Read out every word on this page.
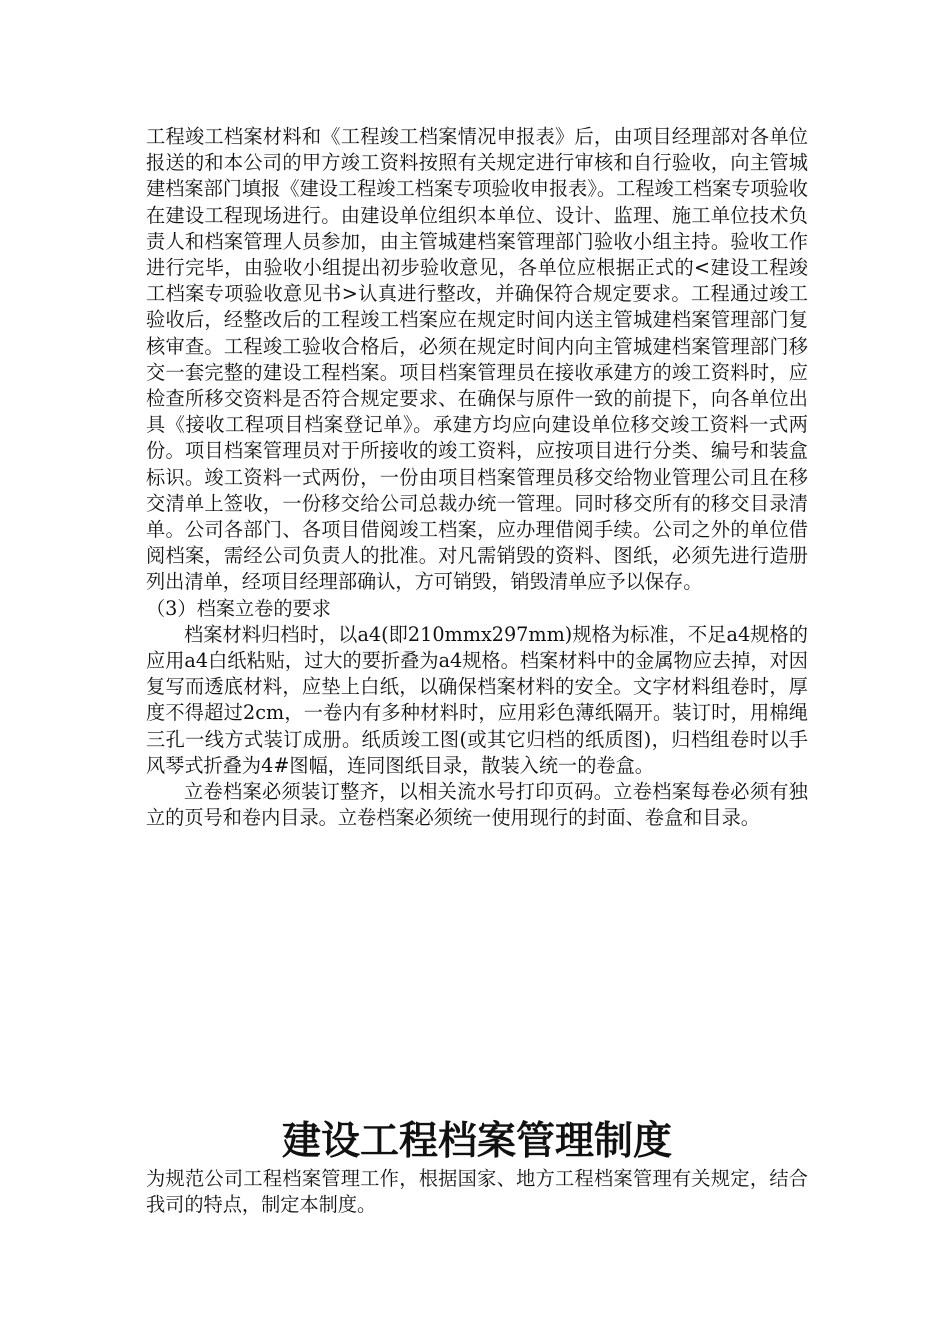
工程竣工档案材料和《工程竣工档案情况申报表》后，由项目经理部对各单位报送的和本公司的甲方竣工资料按照有关规定进行审核和自行验收，向主管城建档案部门填报《建设工程竣工档案专项验收申报表》。工程竣工档案专项验收在建设工程现场进行。由建设单位组织本单位、设计、监理、施工单位技术负责人和档案管理人员参加，由主管城建档案管理部门验收小组主持。验收工作进行完毕，由验收小组提出初步验收意见，各单位应根据正式的<建设工程竣工档案专项验收意见书>认真进行整改，并确保符合规定要求。工程通过竣工验收后，经整改后的工程竣工档案应在规定时间内送主管城建档案管理部门复核审查。工程竣工验收合格后，必须在规定时间内向主管城建档案管理部门移交一套完整的建设工程档案。项目档案管理员在接收承建方的竣工资料时，应检查所移交资料是否符合规定要求、在确保与原件一致的前提下，向各单位出具《接收工程项目档案登记单》。承建方均应向建设单位移交竣工资料一式两份。项目档案管理员对于所接收的竣工资料，应按项目进行分类、编号和装盒标识。竣工资料一式两份，一份由项目档案管理员移交给物业管理公司且在移交清单上签收，一份移交给公司总裁办统一管理。同时移交所有的移交目录清单。公司各部门、各项目借阅竣工档案，应办理借阅手续。公司之外的单位借阅档案，需经公司负责人的批准。对凡需销毁的资料、图纸，必须先进行造册列出清单，经项目经理部确认，方可销毁，销毁清单应予以保存。

（3）档案立卷的要求

档案材料归档时，以a4(即210mmx297mm)规格为标准，不足a4规格的应用a4白纸粘贴，过大的要折叠为a4规格。档案材料中的金属物应去掉，对因复写而透底材料，应垫上白纸，以确保档案材料的安全。文字材料组卷时，厚度不得超过2cm，一卷内有多种材料时，应用彩色薄纸隔开。装订时，用棉绳三孔一线方式装订成册。纸质竣工图(或其它归档的纸质图)，归档组卷时以手风琴式折叠为4#图幅，连同图纸目录，散装入统一的卷盒。

立卷档案必须装订整齐，以相关流水号打印页码。立卷档案每卷必须有独立的页号和卷内目录。立卷档案必须统一使用现行的封面、卷盒和目录。

建设工程档案管理制度

为规范公司工程档案管理工作，根据国家、地方工程档案管理有关规定，结合我司的特点，制定本制度。
